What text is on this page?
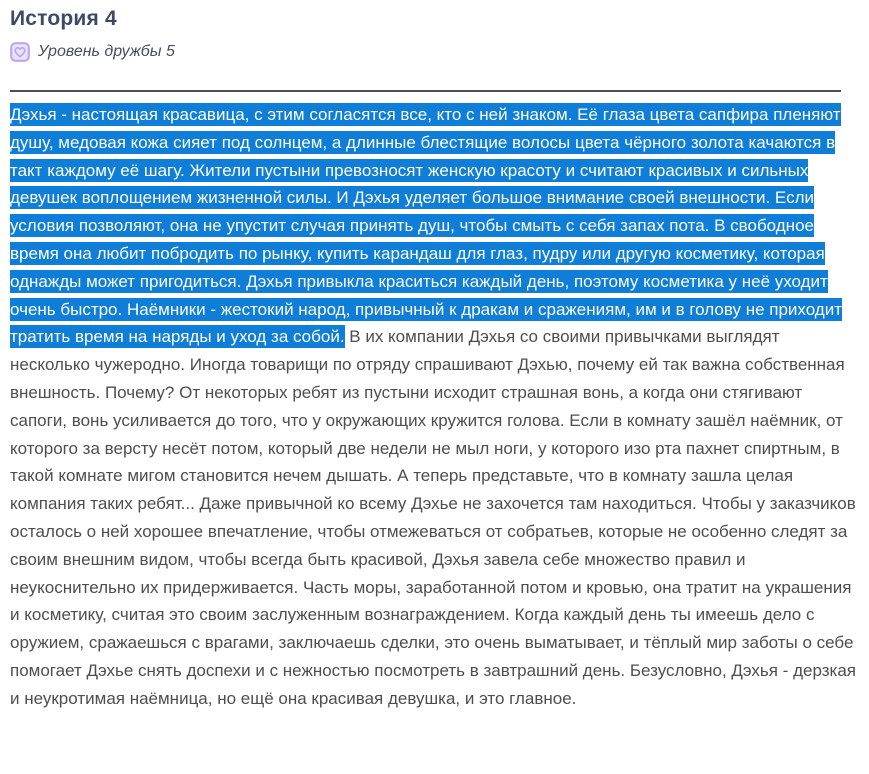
История 4
Уровень дружбы 5

Дэхья - настоящая красавица, с этим согласятся все, кто с ней знаком. Её глаза цвета сапфира пленяют душу, медовая кожа сияет под солнцем, а длинные блестящие волосы цвета чёрного золота качаются в такт каждому её шагу. Жители пустыни превозносят женскую красоту и считают красивых и сильных девушек воплощением жизненной силы. И Дэхья уделяет большое внимание своей внешности. Если условия позволяют, она не упустит случая принять душ, чтобы смыть с себя запах пота. В свободное время она любит побродить по рынку, купить карандаш для глаз, пудру или другую косметику, которая однажды может пригодиться. Дэхья привыкла краситься каждый день, поэтому косметика у неё уходит очень быстро. Наёмники - жестокий народ, привычный к дракам и сражениям, им и в голову не приходит тратить время на наряды и уход за собой. В их компании Дэхья со своими привычками выглядят несколько чужеродно. Иногда товарищи по отряду спрашивают Дэхью, почему ей так важна собственная внешность. Почему? От некоторых ребят из пустыни исходит страшная вонь, а когда они стягивают сапоги, вонь усиливается до того, что у окружающих кружится голова. Если в комнату зашёл наёмник, от которого за версту несёт потом, который две недели не мыл ноги, у которого изо рта пахнет спиртным, в такой комнате мигом становится нечем дышать. А теперь представьте, что в комнату зашла целая компания таких ребят... Даже привычной ко всему Дэхье не захочется там находиться. Чтобы у заказчиков осталось о ней хорошее впечатление, чтобы отмежеваться от собратьев, которые не особенно следят за своим внешним видом, чтобы всегда быть красивой, Дэхья завела себе множество правил и неукоснительно их придерживается. Часть моры, заработанной потом и кровью, она тратит на украшения и косметику, считая это своим заслуженным вознаграждением. Когда каждый день ты имеешь дело с оружием, сражаешься с врагами, заключаешь сделки, это очень выматывает, и тёплый мир заботы о себе помогает Дэхье снять доспехи и с нежностью посмотреть в завтрашний день. Безусловно, Дэхья - дерзкая и неукротимая наёмница, но ещё она красивая девушка, и это главное.
